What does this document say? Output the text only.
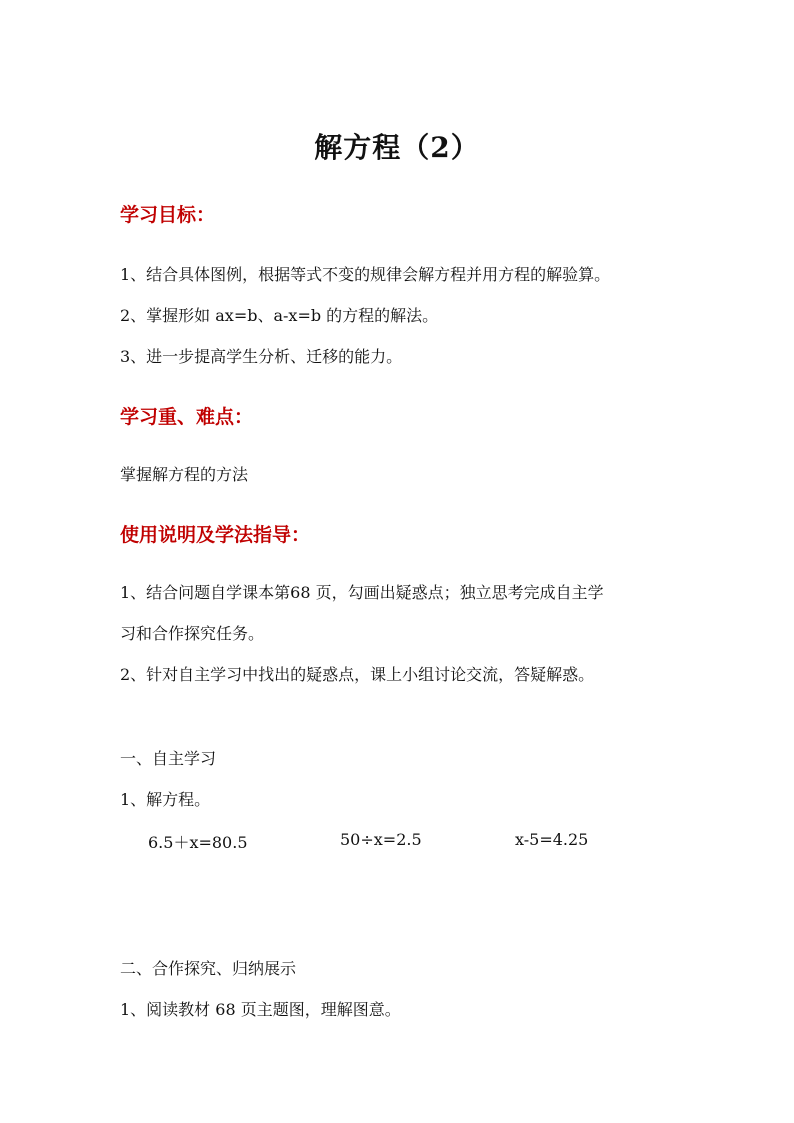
解方程（2）
学习目标：
1、结合具体图例，根据等式不变的规律会解方程并用方程的解验算。
2、掌握形如 ax=b、a-x=b 的方程的解法。
3、进一步提高学生分析、迁移的能力。
学习重、难点：
掌握解方程的方法
使用说明及学法指导：
1、结合问题自学课本第68 页，勾画出疑惑点；独立思考完成自主学
习和合作探究任务。
2、针对自主学习中找出的疑惑点，课上小组讨论交流，答疑解惑。
一、自主学习
1、解方程。
6.5＋x=80.5	50÷x=2.5	x-5=4.25
二、合作探究、归纳展示
1、阅读教材 68 页主题图，理解图意。
